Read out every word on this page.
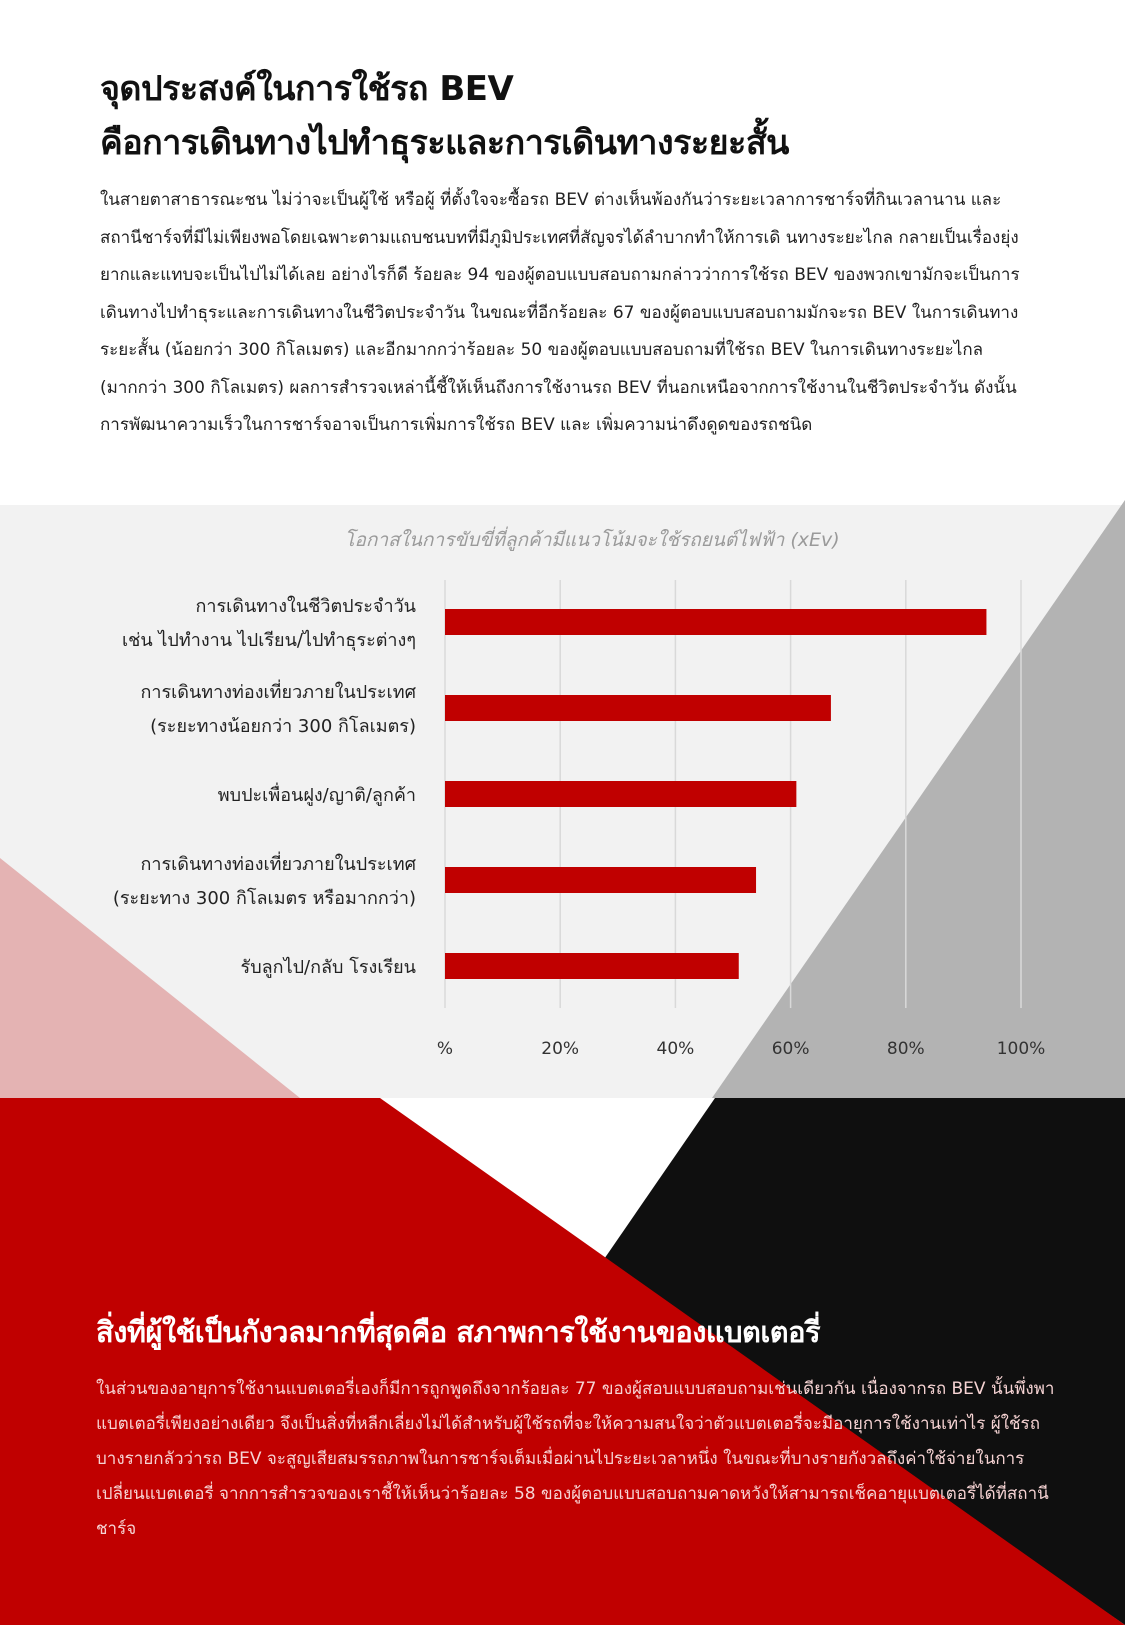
จุดประสงค์ในการใช้รถ BEV
คือการเดินทางไปทำธุระและการเดินทางระยะสั้น

ในสายตาสาธารณะชน ไม่ว่าจะเป็นผู้ใช้ หรือผู้ ที่ตั้งใจจะซื้อรถ BEV ต่างเห็นพ้องกันว่าระยะเวลาการชาร์จที่กินเวลานาน และ สถานีชาร์จที่มีไม่เพียงพอโดยเฉพาะตามแถบชนบทที่มีภูมิประเทศที่สัญจรได้ลำบากทำให้การเดิ นทางระยะไกล กลายเป็นเรื่องยุ่งยากและแทบจะเป็นไปไม่ได้เลย อย่างไรก็ดี ร้อยละ 94 ของผู้ตอบแบบสอบถามกล่าวว่าการใช้รถ BEV ของพวกเขามักจะเป็นการเดินทางไปทำธุระและการเดินทางในชีวิตประจำวัน ในขณะที่อีกร้อยละ 67 ของผู้ตอบแบบสอบถามมักจะรถ BEV ในการเดินทางระยะสั้น (น้อยกว่า 300 กิโลเมตร) และอีกมากกว่าร้อยละ 50 ของผู้ตอบแบบสอบถามที่ใช้รถ BEV ในการเดินทางระยะไกล (มากกว่า 300 กิโลเมตร) ผลการสำรวจเหล่านี้ชี้ให้เห็นถึงการใช้งานรถ BEV ที่นอกเหนือจากการใช้งานในชีวิตประจำวัน ดังนั้น การพัฒนาความเร็วในการชาร์จอาจเป็นการเพิ่มการใช้รถ BEV และ เพิ่มความน่าดึงดูดของรถชนิด

โอกาสในการขับขี่ที่ลูกค้ามีแนวโน้มจะใช้รถยนต์ไฟฟ้า (xEv)
การเดินทางในชีวิตประจำวัน
เช่น ไปทำงาน ไปเรียน/ไปทำธุระต่างๆ
การเดินทางท่องเที่ยวภายในประเทศ
(ระยะทางน้อยกว่า 300 กิโลเมตร)
พบปะเพื่อนฝูง/ญาติ/ลูกค้า
การเดินทางท่องเที่ยวภายในประเทศ
(ระยะทาง 300 กิโลเมตร หรือมากกว่า)
รับลูกไป/กลับ โรงเรียน
%	20%	40%	60%	80%	100%
สิ่งที่ผู้ใช้เป็นกังวลมากที่สุดคือ สภาพการใช้งานของแบตเตอรี่

ในส่วนของอายุการใช้งานแบตเตอรี่เองก็มีการถูกพูดถึงจากร้อยละ 77 ของผู้สอบแบบสอบถามเช่นเดียวกัน เนื่องจากรถ BEV นั้นพึ่งพาแบตเตอรี่เพียงอย่างเดียว จึงเป็นสิ่งที่หลีกเลี่ยงไม่ได้สำหรับผู้ใช้รถที่จะให้ความสนใจว่าตัวแบตเตอรี่จะมีอายุการใช้งานเท่าไร ผู้ใช้รถบางรายกลัวว่ารถ BEV จะสูญเสียสมรรถภาพในการชาร์จเต็มเมื่อผ่านไประยะเวลาหนึ่ง ในขณะที่บางรายกังวลถึงค่าใช้จ่ายในการเปลี่ยนแบตเตอรี่ จากการสำรวจของเราชี้ให้เห็นว่าร้อยละ 58 ของผู้ตอบแบบสอบถามคาดหวังให้สามารถเช็คอายุแบตเตอรี่ได้ที่สถานีชาร์จ
